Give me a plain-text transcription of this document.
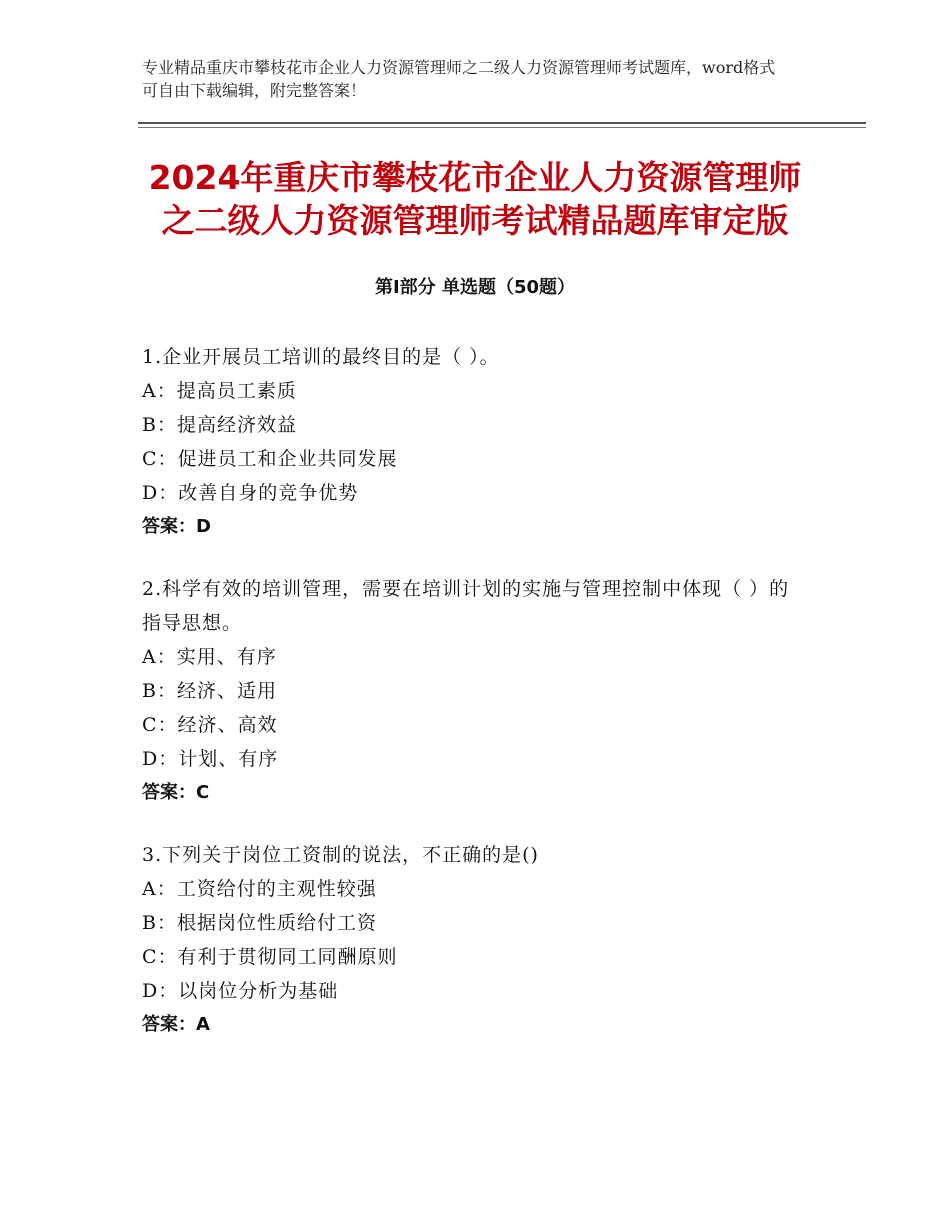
专业精品重庆市攀枝花市企业人力资源管理师之二级人力资源管理师考试题库，word格式可自由下载编辑，附完整答案！
2024年重庆市攀枝花市企业人力资源管理师
之二级人力资源管理师考试精品题库审定版
第Ⅰ部分 单选题（50题）

1.企业开展员工培训的最终目的是（ ）。

A：提高员工素质

B：提高经济效益

C：促进员工和企业共同发展

D：改善自身的竞争优势

答案：D

2.科学有效的培训管理，需要在培训计划的实施与管理控制中体现（ ）的指导思想。

A：实用、有序

B：经济、适用

C：经济、高效

D：计划、有序

答案：C

3.下列关于岗位工资制的说法，不正确的是()

A：工资给付的主观性较强

B：根据岗位性质给付工资

C：有利于贯彻同工同酬原则

D：以岗位分析为基础

答案：A
